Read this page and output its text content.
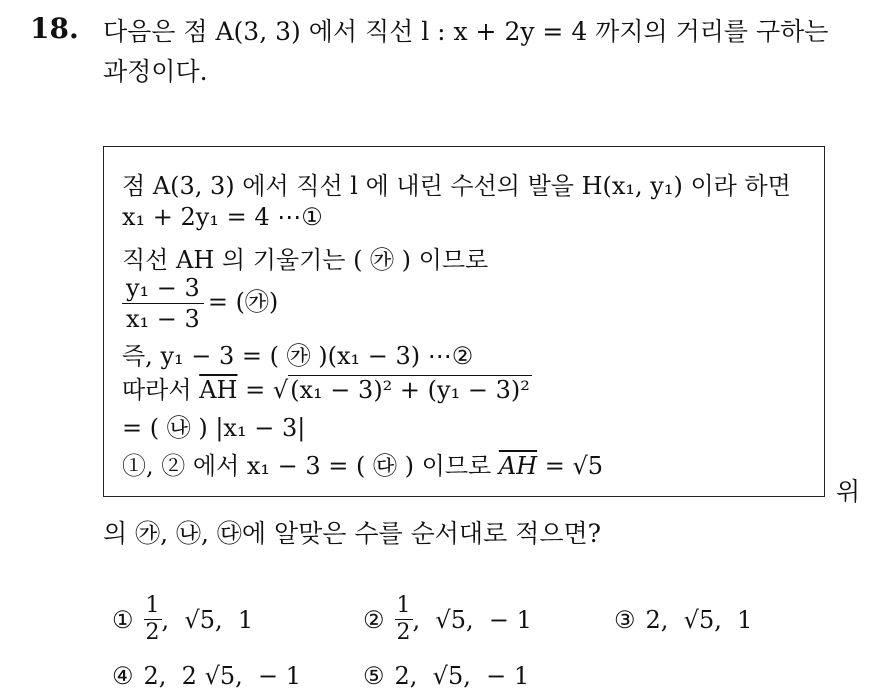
18. 다음은 점 A(3, 3) 에서 직선 l : x + 2y = 4 까지의 거리를 구하는
과정이다.
점 A(3, 3) 에서 직선 l 에 내린 수선의 발을 H(x₁, y₁) 이라 하면
x₁ + 2y₁ = 4 ⋯①
직선 AH 의 기울기는 ( ㉮ ) 이므로
$\frac{\text{y₁ − 3}}{\text{x₁ − 3}}$ = (㉮)
즉, y₁ − 3 = ( ㉮ )(x₁ − 3) ⋯②
따라서 $\overline{AH} = √(x_1 - 3)^2 + (y_1 - 3)^2$
= ( ㉯ ) |x₁ − 3|
①, ② 에서 x₁ − 3 = ( ㉰ ) 이므로 $\overline{AH} = √5$
위
의 ㉮, ㉯, ㉰에 알맞은 수를 순서대로 적으면?
① $\frac{1}{2}$ ,  √5,  1	② $\frac{1}{2}$ ,  √5,  − 1	③ 2,  √5,  1
④ 2,  2 √5,  − 1	⑤ 2,  √5,  − 1
